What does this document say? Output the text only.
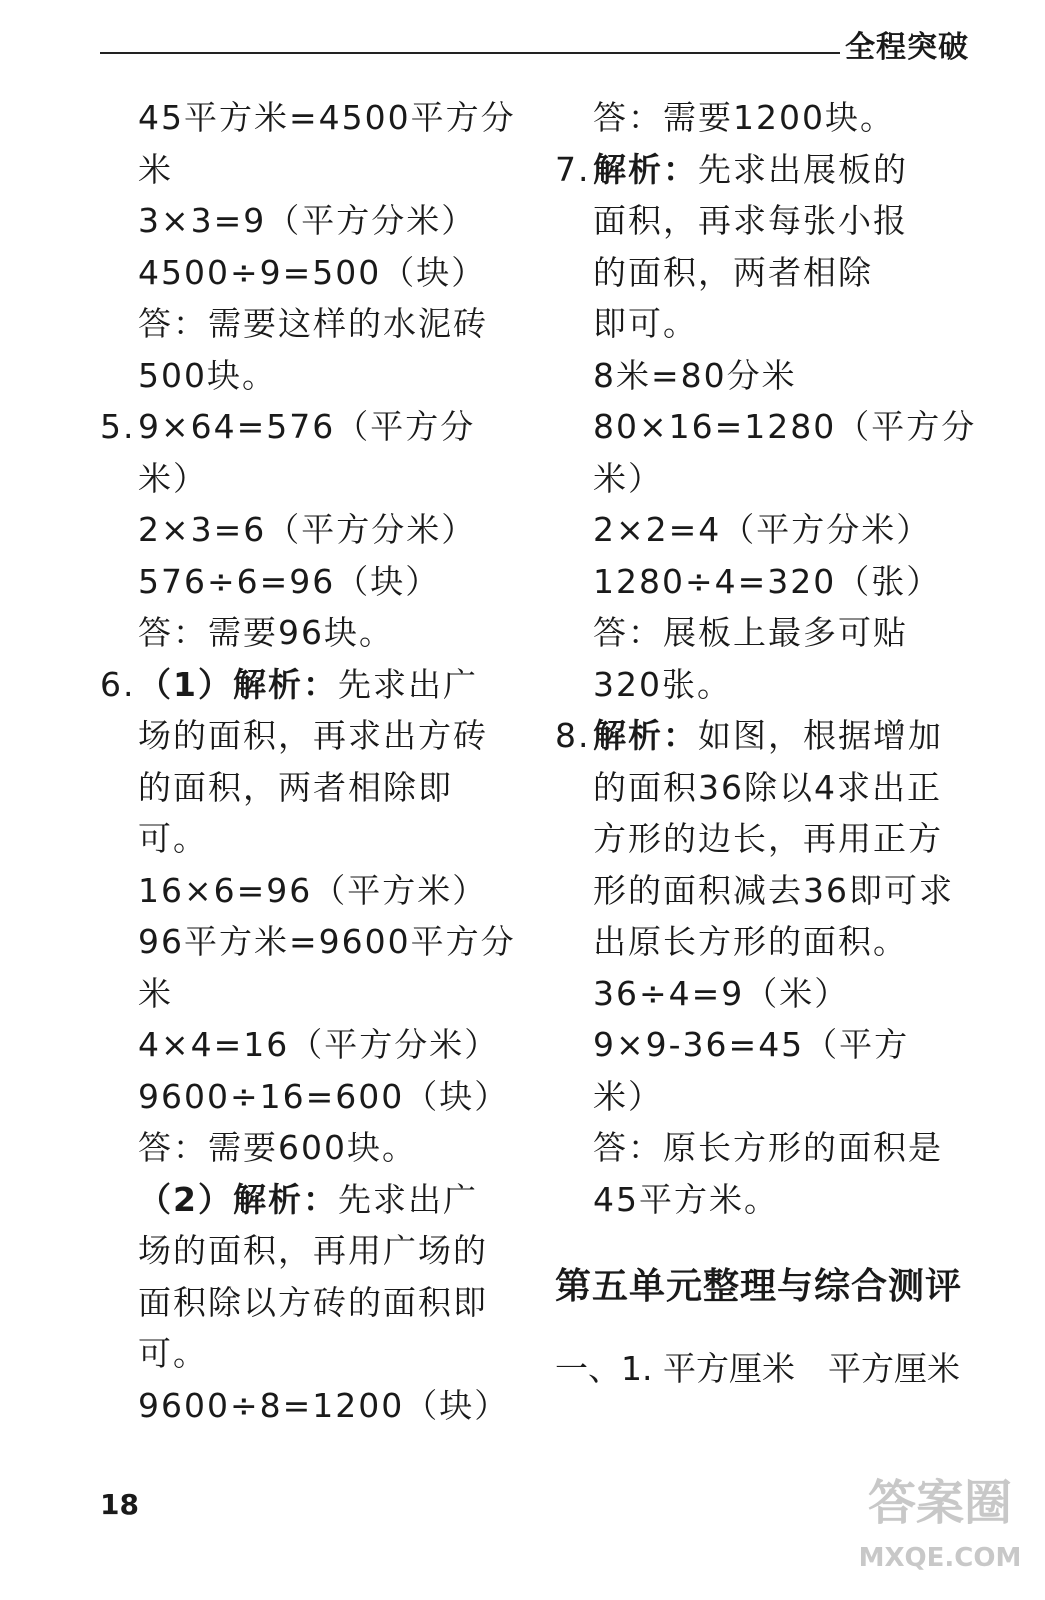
全程突破
45平方米=4500平方分
米
3×3=9（平方分米）
4500÷9=500（块）
答：需要这样的水泥砖
500块。
5.9×64=576（平方分
米）
2×3=6（平方分米）
576÷6=96（块）
答：需要96块。
6.（1）解析：先求出广
场的面积，再求出方砖
的面积，两者相除即
可。
16×6=96（平方米）
96平方米=9600平方分
米
4×4=16（平方分米）
9600÷16=600（块）
答：需要600块。
（2）解析：先求出广
场的面积，再用广场的
面积除以方砖的面积即
可。
9600÷8=1200（块）
答：需要1200块。
7.解析：先求出展板的
面积，再求每张小报
的面积，两者相除
即可。
8米=80分米
80×16=1280（平方分
米）
2×2=4（平方分米）
1280÷4=320（张）
答：展板上最多可贴
320张。
8.解析：如图，根据增加
的面积36除以4求出正
方形的边长，再用正方
形的面积减去36即可求
出原长方形的面积。
36÷4=9（米）
9×9-36=45（平方
米）
答：原长方形的面积是
45平方米。
第五单元整理与综合测评
一、1. 平方厘米　平方厘米
18	答案圈
MXQE.COM
